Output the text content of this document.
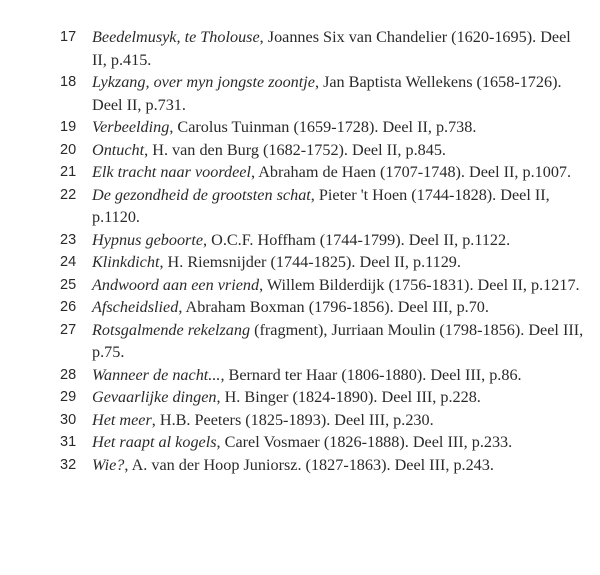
17 Beedelmusyk, te Tholouse, Joannes Six van Chandelier (1620-1695). Deel II, p.415.
18 Lykzang, over myn jongste zoontje, Jan Baptista Wellekens (1658-1726). Deel II, p.731.
19 Verbeelding, Carolus Tuinman (1659-1728). Deel II, p.738.
20 Ontucht, H. van den Burg (1682-1752). Deel II, p.845.
21 Elk tracht naar voordeel, Abraham de Haen (1707-1748). Deel II, p.1007.
22 De gezondheid de grootsten schat, Pieter 't Hoen (1744-1828). Deel II, p.1120.
23 Hypnus geboorte, O.C.F. Hoffham (1744-1799). Deel II, p.1122.
24 Klinkdicht, H. Riemsnijder (1744-1825). Deel II, p.1129.
25 Andwoord aan een vriend, Willem Bilderdijk (1756-1831). Deel II, p.1217.
26 Afscheidslied, Abraham Boxman (1796-1856). Deel III, p.70.
27 Rotsgalmende rekelzang (fragment), Jurriaan Moulin (1798-1856). Deel III, p.75.
28 Wanneer de nacht..., Bernard ter Haar (1806-1880). Deel III, p.86.
29 Gevaarlijke dingen, H. Binger (1824-1890). Deel III, p.228.
30 Het meer, H.B. Peeters (1825-1893). Deel III, p.230.
31 Het raapt al kogels, Carel Vosmaer (1826-1888). Deel III, p.233.
32 Wie?, A. van der Hoop Juniorsz. (1827-1863). Deel III, p.243.
